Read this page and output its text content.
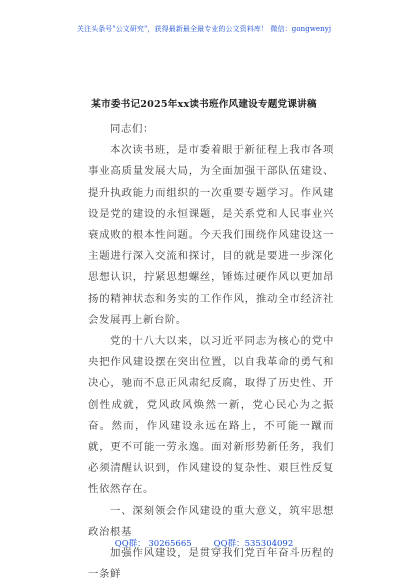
关注头条号"公文研究"，获得最新最全最专业的公文资料库！ 微信：gongwenyj
某市委书记2025年xx读书班作风建设专题党课讲稿

同志们：

本次读书班，是市委着眼于新征程上我市各项事业高质量发展大局，为全面加强干部队伍建设、提升执政能力而组织的一次重要专题学习。作风建设是党的建设的永恒课题，是关系党和人民事业兴衰成败的根本性问题。今天我们围绕作风建设这一主题进行深入交流和探讨，目的就是要进一步深化思想认识，拧紧思想螺丝，锤炼过硬作风以更加昂扬的精神状态和务实的工作作风，推动全市经济社会发展再上新台阶。

党的十八大以来，以习近平同志为核心的党中央把作风建设摆在突出位置，以自我革命的勇气和决心，驰而不息正风肃纪反腐，取得了历史性、开创性成就，党风政风焕然一新，党心民心为之振奋。然而，作风建设永远在路上，不可能一蹴而就，更不可能一劳永逸。面对新形势新任务，我们必须清醒认识到，作风建设的复杂性、艰巨性反复性依然存在。

一、深刻领会作风建设的重大意义，筑牢思想政治根基

加强作风建设，是贯穿我们党百年奋斗历程的一条鲜

QQ群： 30265665	QQ群：535304092
